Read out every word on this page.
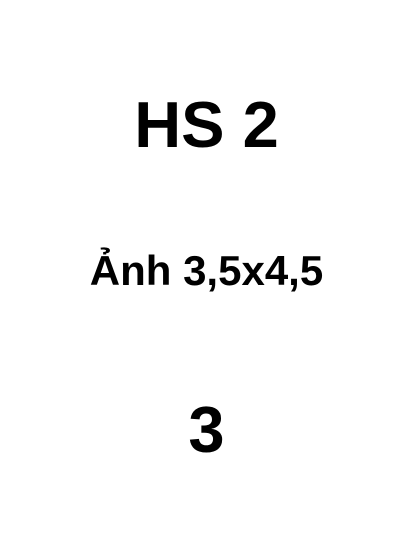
HS 2
Ảnh 3,5x4,5
3
